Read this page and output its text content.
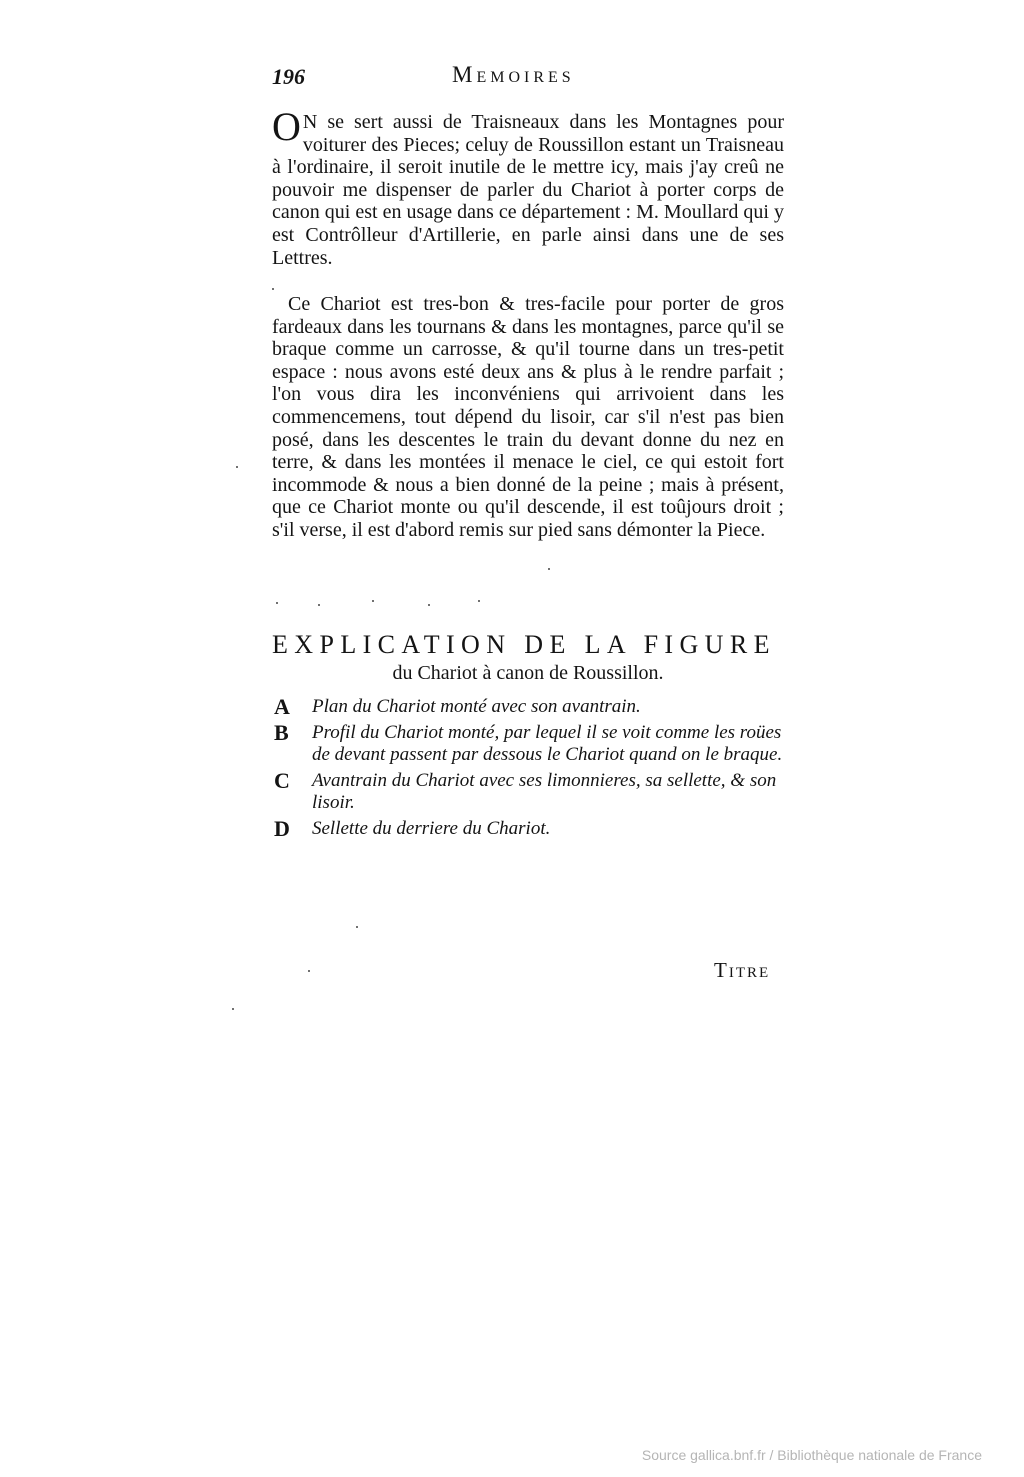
196	Memoires

O N se sert aussi de Traisneaux dans les Montagnes pour voiturer des Pieces; celuy de Roussillon estant un Traisneau à l'ordinaire, il seroit inutile de le mettre icy, mais j'ay creû ne pouvoir me dispenser de parler du Chariot à porter corps de canon qui est en usage dans ce département : M. Moullard qui y est Contrôlleur d'Artillerie, en parle ainsi dans une de ses Lettres.

Ce Chariot est tres-bon & tres-facile pour porter de gros fardeaux dans les tournans & dans les montagnes, parce qu'il se braque comme un carrosse, & qu'il tourne dans un tres-petit espace : nous avons esté deux ans & plus à le rendre parfait ; l'on vous dira les inconvéniens qui arrivoient dans les commencemens, tout dépend du lisoir, car s'il n'est pas bien posé, dans les descentes le train du devant donne du nez en terre, & dans les montées il menace le ciel, ce qui estoit fort incommode & nous a bien donné de la peine ; mais à présent, que ce Chariot monte ou qu'il descende, il est toûjours droit ; s'il verse, il est d'abord remis sur pied sans démonter la Piece.

EXPLICATION DE LA FIGURE
du Chariot à canon de Roussillon.
A Plan du Chariot monté avec son avantrain.
B Profil du Chariot monté, par lequel il se voit comme les roües de devant passent par dessous le Chariot quand on le braque.
C Avantrain du Chariot avec ses limonnieres, sa sellette, & son lisoir.
D Sellette du derriere du Chariot.
Titre
Source gallica.bnf.fr / Bibliothèque nationale de France
